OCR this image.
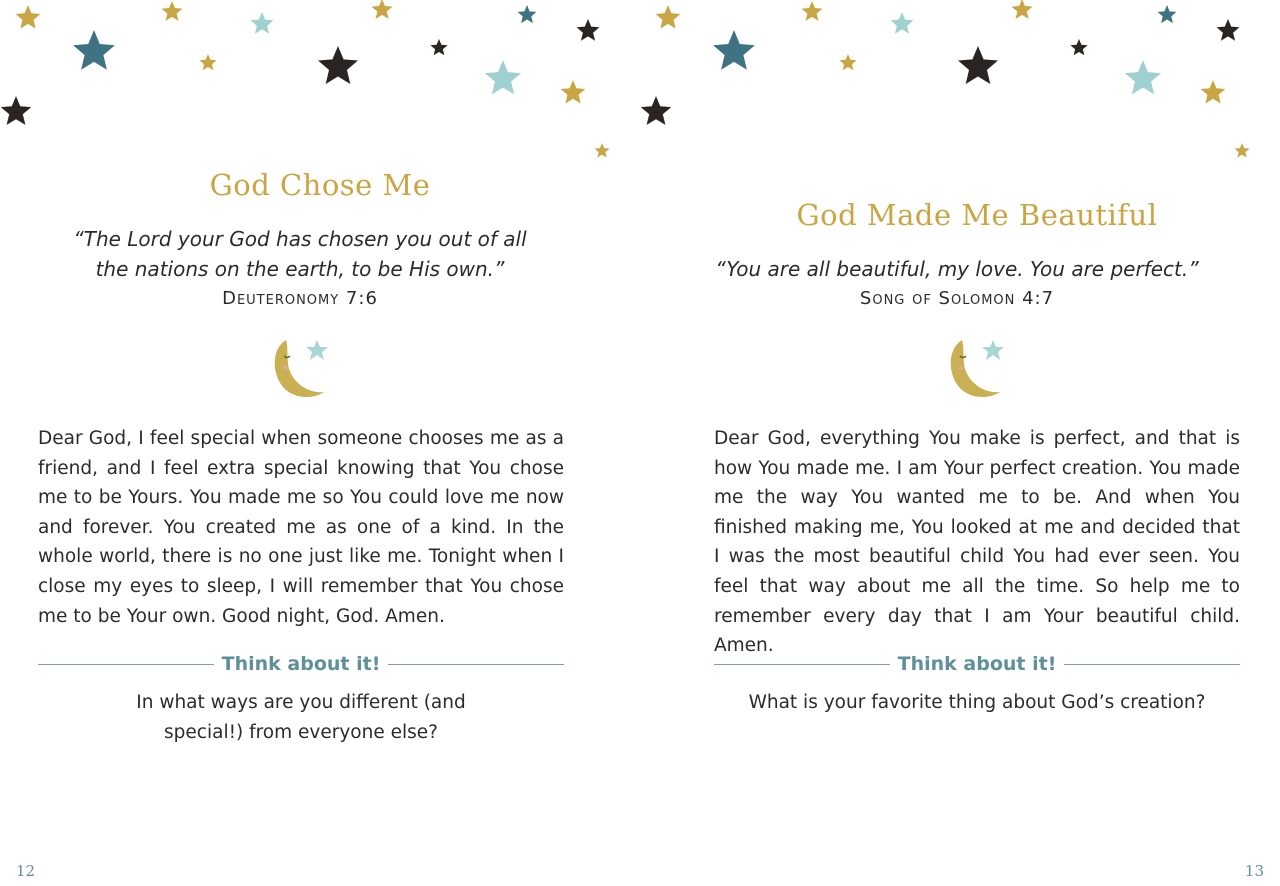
God Chose Me
“The Lord your God has chosen you out of all
the nations on the earth, to be His own.”
Deuteronomy 7:6

Dear God, I feel special when someone chooses me as a friend, and I feel extra special knowing that You chose me to be Yours. You made me so You could love me now and forever. You created me as one of a kind. In the whole world, there is no one just like me. Tonight when I close my eyes to sleep, I will remember that You chose me to be Your own. Good night, God. Amen.

Think about it!
In what ways are you different (and
special!) from everyone else?
12
God Made Me Beautiful
“You are all beautiful, my love. You are perfect.”
Song of Solomon 4:7

Dear God, everything You make is perfect, and that is how You made me. I am Your perfect creation. You made me the way You wanted me to be. And when You finished making me, You looked at me and decided that I was the most beautiful child You had ever seen. You feel that way about me all the time. So help me to remember every day that I am Your beautiful child. Amen.

Think about it!
What is your favorite thing about God’s creation?
13
